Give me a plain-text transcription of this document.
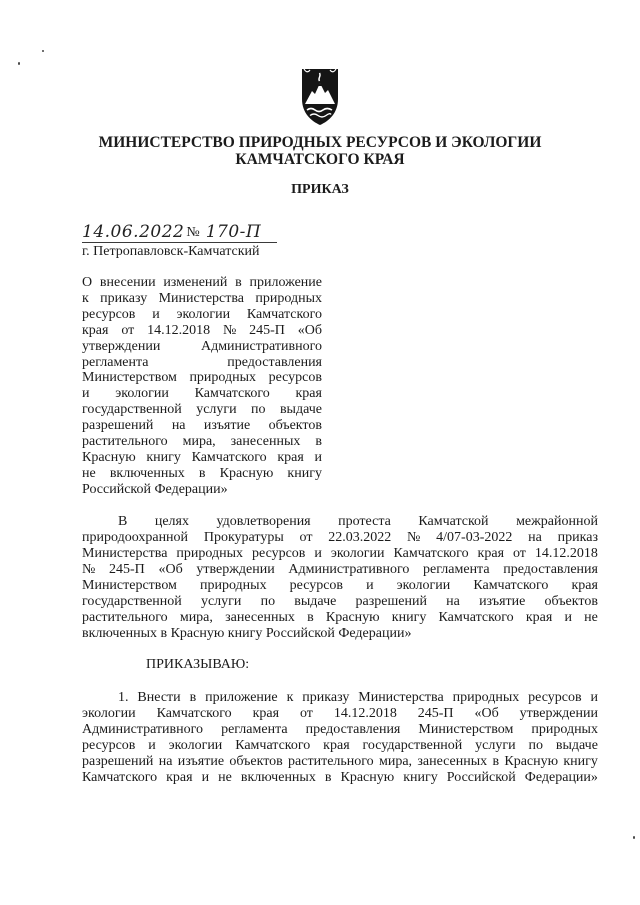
МИНИСТЕРСТВО ПРИРОДНЫХ РЕСУРСОВ И ЭКОЛОГИИ
КАМЧАТСКОГО КРАЯ
ПРИКАЗ
14.06.2022 № 170-П
г. Петропавловск-Камчатский
О внесении изменений в приложение
к приказу Министерства природных
ресурсов и экологии Камчатского
края от 14.12.2018 № 245-П «Об
утверждении	Административного
регламента	предоставления
Министерством природных ресурсов
и экологии Камчатского края
государственной услуги по выдаче
разрешений на изъятие объектов
растительного мира, занесенных в
Красную книгу Камчатского края и
не включенных в Красную книгу
Российской Федерации»
В целях удовлетворения протеста Камчатской межрайонной
природоохранной Прокуратуры от 22.03.2022 № 4/07-03-2022 на приказ
Министерства природных ресурсов и экологии Камчатского края от 14.12.2018
№ 245-П «Об утверждении Административного регламента предоставления
Министерством природных ресурсов и экологии Камчатского края
государственной услуги по выдаче разрешений на изъятие объектов
растительного мира, занесенных в Красную книгу Камчатского края и не
включенных в Красную книгу Российской Федерации»
ПРИКАЗЫВАЮ:
1. Внести в приложение к приказу Министерства природных ресурсов и
экологии Камчатского края от 14.12.2018 245-П «Об утверждении
Административного регламента предоставления Министерством природных
ресурсов и экологии Камчатского края государственной услуги по выдаче
разрешений на изъятие объектов растительного мира, занесенных в Красную книгу
Камчатского края и не включенных в Красную книгу Российской Федерации»
